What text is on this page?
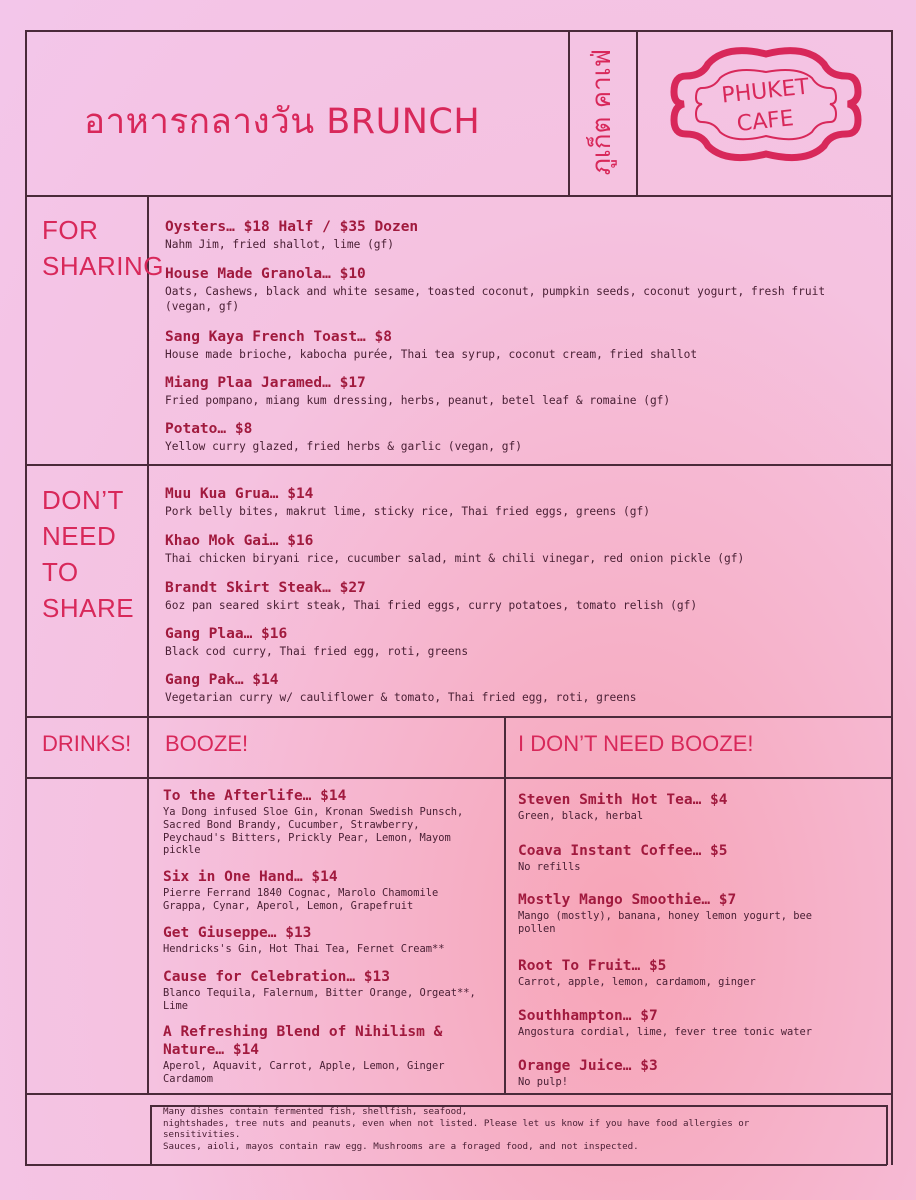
อาหารกลางวัน BRUNCH	ภูเก็ต คาเฟ่	PHUKET
CAFE
FOR
SHARING
Oysters… $18 Half / $35 Dozen
Nahm Jim, fried shallot, lime (gf)
House Made Granola… $10
Oats, Cashews, black and white sesame, toasted coconut, pumpkin seeds, coconut yogurt, fresh fruit (vegan, gf)
Sang Kaya French Toast… $8
House made brioche, kabocha purée, Thai tea syrup, coconut cream, fried shallot
Miang Plaa Jaramed… $17
Fried pompano, miang kum dressing, herbs, peanut, betel leaf & romaine (gf)
Potato… $8
Yellow curry glazed, fried herbs & garlic (vegan, gf)
DON’T
NEED
TO
SHARE
Muu Kua Grua… $14
Pork belly bites, makrut lime, sticky rice, Thai fried eggs, greens (gf)
Khao Mok Gai… $16
Thai chicken biryani rice, cucumber salad, mint & chili vinegar, red onion pickle (gf)
Brandt Skirt Steak… $27
6oz pan seared skirt steak, Thai fried eggs, curry potatoes, tomato relish (gf)
Gang Plaa… $16
Black cod curry, Thai fried egg, roti, greens
Gang Pak… $14
Vegetarian curry w/ cauliflower & tomato, Thai fried egg, roti, greens
DRINKS! BOOZE!	I DON’T NEED BOOZE!
To the Afterlife… $14
Ya Dong infused Sloe Gin, Kronan Swedish Punsch, Sacred Bond Brandy, Cucumber, Strawberry, Peychaud's Bitters, Prickly Pear, Lemon, Mayom pickle
Six in One Hand… $14
Pierre Ferrand 1840 Cognac, Marolo Chamomile Grappa, Cynar, Aperol, Lemon, Grapefruit
Get Giuseppe… $13
Hendricks's Gin, Hot Thai Tea, Fernet Cream**
Cause for Celebration… $13
Blanco Tequila, Falernum, Bitter Orange, Orgeat**, Lime
A Refreshing Blend of Nihilism & Nature… $14
Aperol, Aquavit, Carrot, Apple, Lemon, Ginger Cardamom
Steven Smith Hot Tea… $4
Green, black, herbal
Coava Instant Coffee… $5
No refills
Mostly Mango Smoothie… $7
Mango (mostly), banana, honey lemon yogurt, bee pollen
Root To Fruit… $5
Carrot, apple, lemon, cardamom, ginger
Southhampton… $7
Angostura cordial, lime, fever tree tonic water
Orange Juice… $3
No pulp!
Many dishes contain fermented fish, shellfish, seafood,
nightshades, tree nuts and peanuts, even when not listed. Please let us know if you have food allergies or
sensitivities.
Sauces, aioli, mayos contain raw egg. Mushrooms are a foraged food, and not inspected.
